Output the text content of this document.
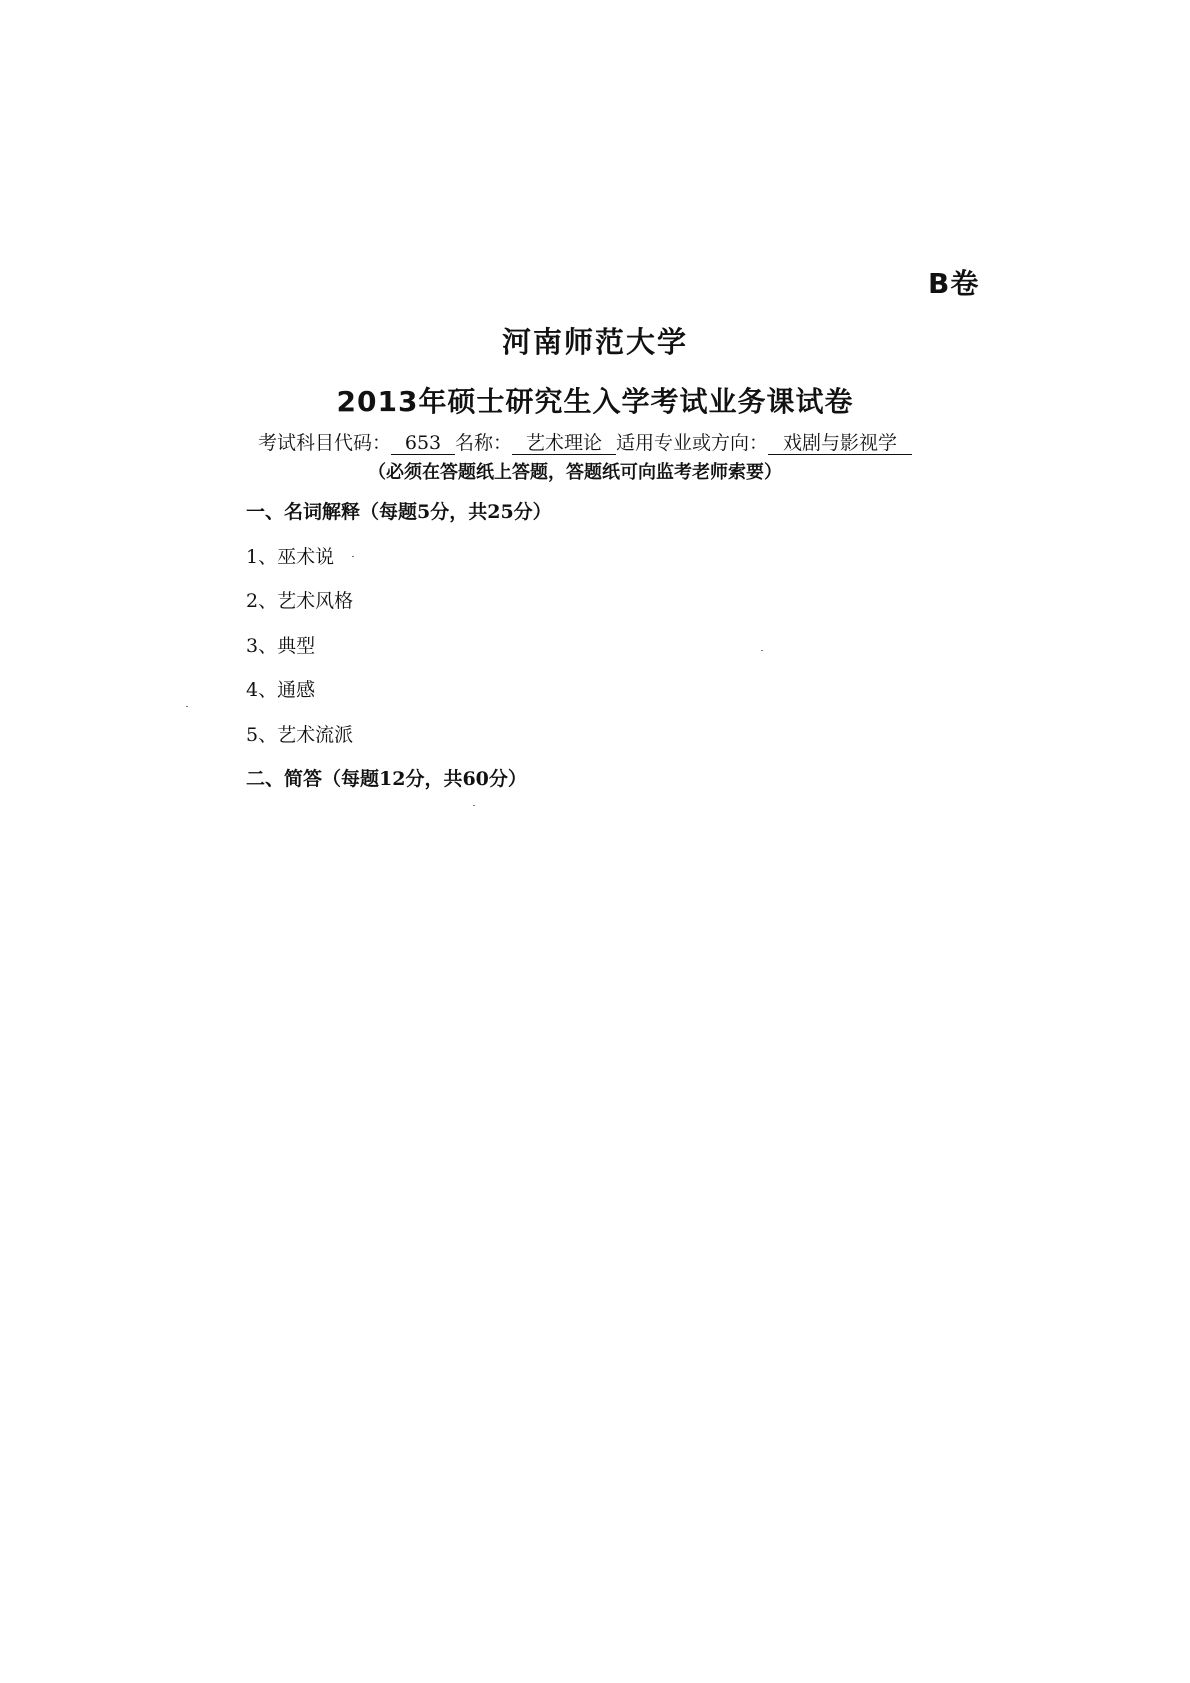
B卷
河南师范大学
2013年硕士研究生入学考试业务课试卷
考试科目代码： 653 名称： 艺术理论 适用专业或方向： 戏剧与影视学
（必须在答题纸上答题，答题纸可向监考老师索要）
一、名词解释（每题5分，共25分）
1、巫术说
2、艺术风格
3、典型
4、通感
5、艺术流派
二、简答（每题12分，共60分）
